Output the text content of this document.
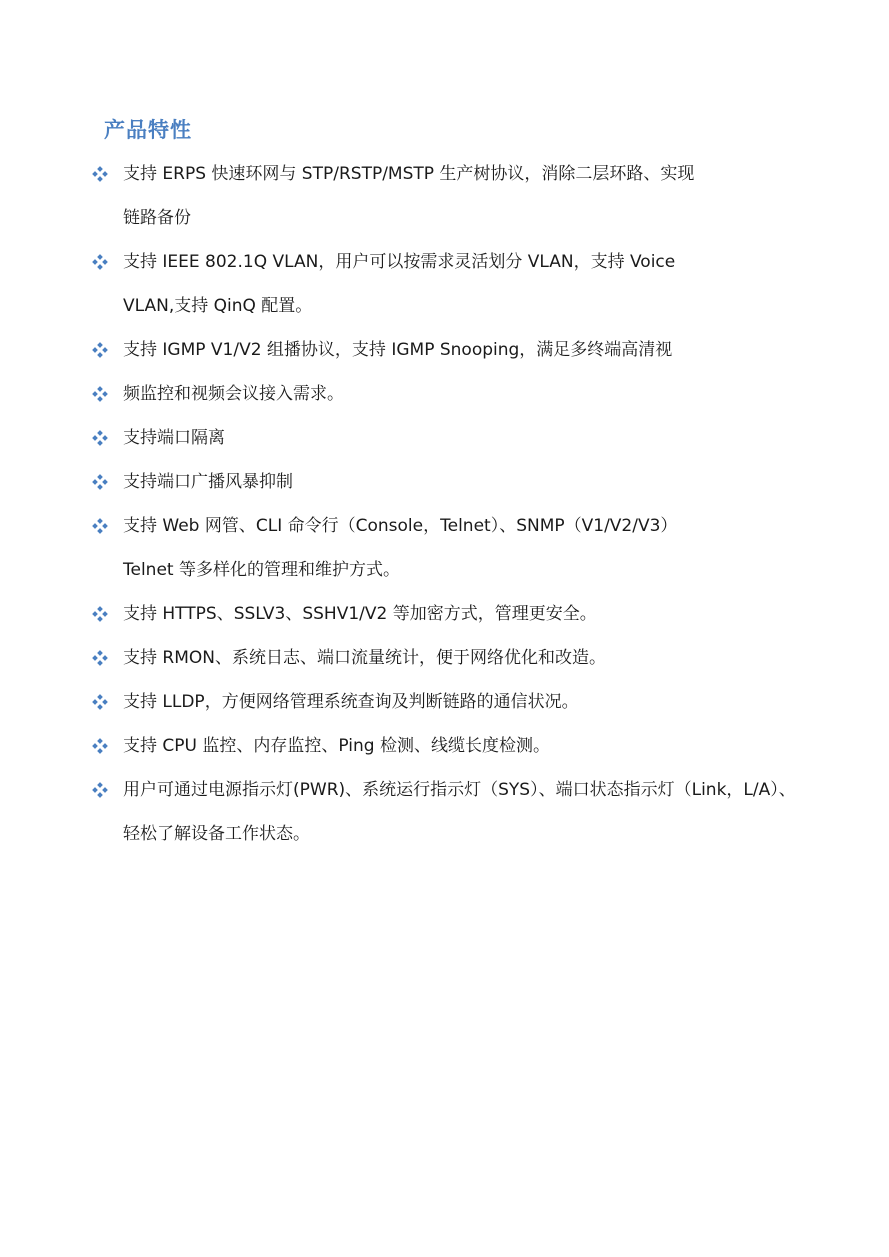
产品特性
支持 ERPS 快速环网与 STP/RSTP/MSTP 生产树协议，消除二层环路、实现
链路备份
支持 IEEE 802.1Q VLAN，用户可以按需求灵活划分 VLAN，支持 Voice
VLAN,支持 QinQ 配置。
支持 IGMP V1/V2 组播协议，支持 IGMP Snooping，满足多终端高清视
频监控和视频会议接入需求。
支持端口隔离
支持端口广播风暴抑制
支持 Web 网管、CLI 命令行（Console，Telnet）、SNMP（V1/V2/V3）
Telnet 等多样化的管理和维护方式。
支持 HTTPS、SSLV3、SSHV1/V2 等加密方式，管理更安全。
支持 RMON、系统日志、端口流量统计，便于网络优化和改造。
支持 LLDP，方便网络管理系统查询及判断链路的通信状况。
支持 CPU 监控、内存监控、Ping 检测、线缆长度检测。
用户可通过电源指示灯(PWR)、系统运行指示灯（SYS）、端口状态指示灯（Link，L/A）、
轻松了解设备工作状态。
